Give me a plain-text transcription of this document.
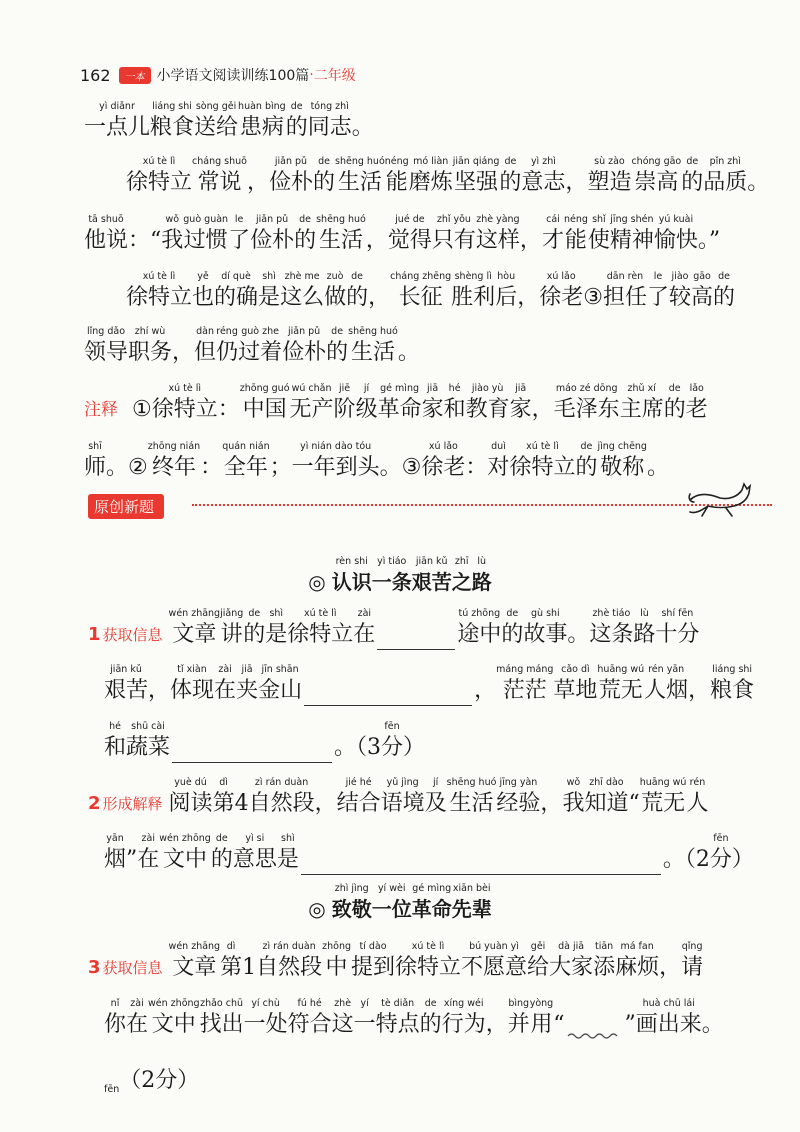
162	一本 小学语文阅读训练100篇 · 二年级
yì diǎnr
一点儿
liáng shi
粮食
sòng gěi
送给
huàn bìng
患病
de
的
tóng zhì
同志 。
xú tè lì
徐特立
cháng shuō
常说 ，
jiǎn pǔ
俭朴
de
的
shēng huó
生活
néng
能
mó liàn
磨炼
jiān qiáng
坚强
de
的
yì zhì
意志 ，
sù zào
塑造
chóng gāo
崇高
de
的
pǐn zhì
品质 。
tā shuō
他说 ：“
wǒ
我
guò guàn
过惯
le
了
jiǎn pǔ
俭朴
de
的
shēng huó
生活 ，
jué de
觉得
zhǐ yǒu
只有
zhè yàng
这样 ，
cái
才
néng
能
shǐ
使
jīng shén
精神
yú kuài
愉快 。”
xú tè lì
徐特立
yě
也
dí què
的确
shì
是
zhè me
这么
zuò
做
de
的 ，
cháng zhēng
长征
shèng lì
胜利
hòu
后 ，
xú lǎo
徐老 ③
dān rèn
担任
le
了
jiào
较
gāo
高
de
的
lǐng dǎo
领导
zhí wù
职务 ，
dàn
但
réng
仍
guò zhe
过着
jiǎn pǔ
俭朴
de
的
shēng huó
生活 。
注释 ①
xú tè lì
徐特立 ：
zhōng guó
中国
wú chǎn
无产
jiē
阶
jí
级
gé mìng
革命
jiā
家
hé
和
jiào yù
教育
jiā
家 ，
máo zé dōng
毛泽东
zhǔ xí
主席
de
的
lǎo
老
shī
师 。 ②
zhōng nián
终年 ：
quán nián
全年 ；
yì nián dào tóu
一年到头 。 ③
xú lǎo
徐老 ：
duì
对
xú tè lì
徐特立
de
的
jìng chēng
敬称 。
原创新题
◎
rèn shi
认识
yì tiáo
一条
jiān kǔ
艰苦
zhī
之
lù
路
1 获取信息
wén zhāng
文章
jiǎng
讲
de
的
shì
是
xú tè lì
徐特立
zài
在
tú zhōng
途中
de
的
gù shi
故事 。
zhè tiáo
这条
lù
路
shí fēn
十分
jiān kǔ
艰苦 ，
tǐ xiàn
体现
zài
在
jiā
夹
jīn shān
金山	，
máng máng
茫茫
cǎo dì
草地
huāng wú
荒无
rén yān
人烟 ，
liáng shi
粮食
hé
和
shū cài
蔬菜	。（3
fēn
分 ）
2 形成解释
yuè dú
阅读
dì
第 4
zì rán duàn
自然段 ，
jié hé
结合
yǔ jìng
语境
jí
及
shēng huó
生活
jīng yàn
经验 ，
wǒ
我
zhī dào
知道 “
huāng wú
荒无
rén
人
yān
烟 ”
zài
在
wén zhōng
文中
de
的
yì si
意思
shì
是	。（2
fēn
分 ）
◎
zhì jìng
致敬
yí wèi
一位
gé mìng
革命
xiān bèi
先辈
3 获取信息
wén zhāng
文章
dì
第 1
zì rán duàn
自然段
zhōng
中
tí dào
提到
xú tè lì
徐特立
bú yuàn yì
不愿意
gěi
给
dà jiā
大家
tiān
添
má fan
麻烦 ，
qǐng
请
nǐ
你
zài
在
wén zhōng
文中
zhǎo chū
找出
yí chù
一处
fú hé
符合
zhè
这
yí
一
tè diǎn
特点
de
的
xíng wéi
行为 ，
bìng
并
yòng
用 “	”
huà chū lái
画出来 。
fēn （2 分 ）
